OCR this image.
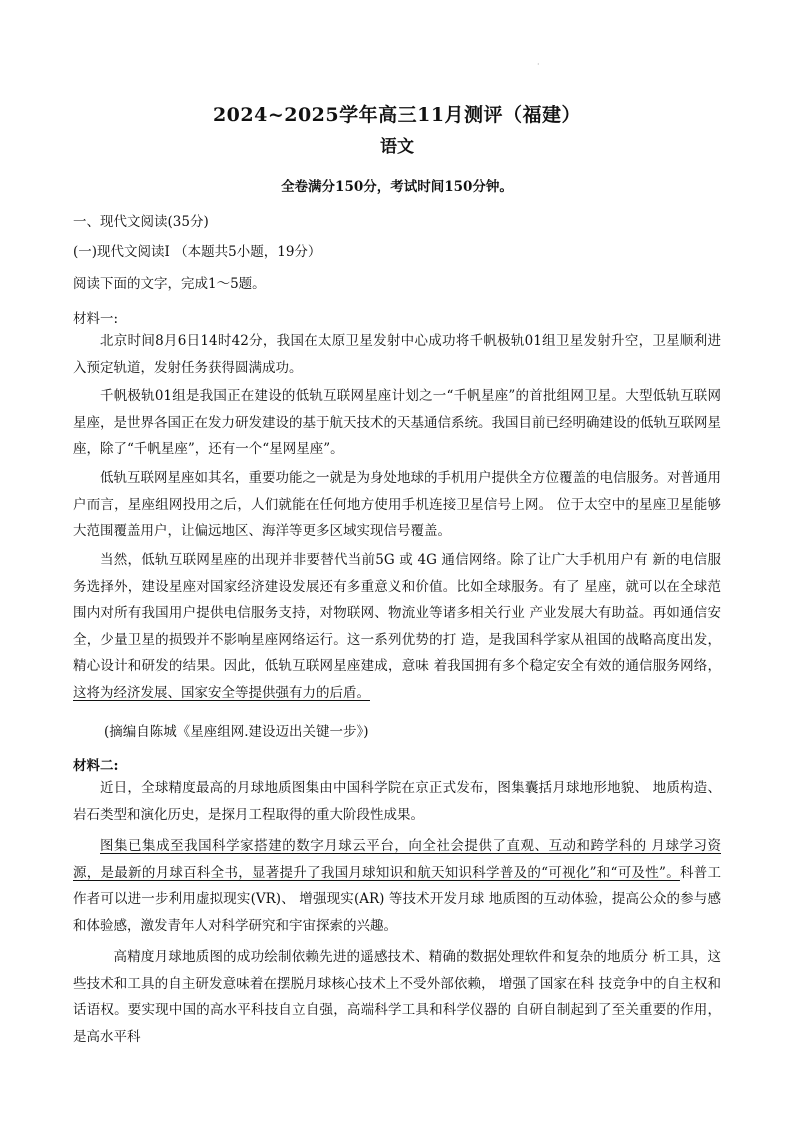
·
2024~2025学年高三11月测评（福建）
语文
全卷满分150分，考试时间150分钟。
一、现代文阅读(35分)
(一)现代文阅读Ⅰ （本题共5小题，19分）
阅读下面的文字，完成1～5题。
材料一:
北京时间8月6日14时42分，我国在太原卫星发射中心成功将千帆极轨01组卫星发射升空，卫星顺利进入预定轨道，发射任务获得圆满成功。
千帆极轨01组是我国正在建设的低轨互联网星座计划之一“千帆星座”的首批组网卫星。大型低轨互联网星座，是世界各国正在发力研发建设的基于航天技术的天基通信系统。我国目前已经明确建设的低轨互联网星座，除了“千帆星座”，还有一个“星网星座”。
低轨互联网星座如其名，重要功能之一就是为身处地球的手机用户提供全方位覆盖的电信服务。对普通用户而言，星座组网投用之后，人们就能在任何地方使用手机连接卫星信号上网。 位于太空中的星座卫星能够大范围覆盖用户，让偏远地区、海洋等更多区域实现信号覆盖。
当然，低轨互联网星座的出现并非要替代当前5G 或 4G 通信网络。除了让广大手机用户有 新的电信服务选择外，建设星座对国家经济建设发展还有多重意义和价值。比如全球服务。有了 星座，就可以在全球范围内对所有我国用户提供电信服务支持，对物联网、物流业等诸多相关行业 产业发展大有助益。再如通信安全，少量卫星的损毁并不影响星座网络运行。这一系列优势的打 造，是我国科学家从祖国的战略高度出发，精心设计和研发的结果。因此，低轨互联网星座建成，意味 着我国拥有多个稳定安全有效的通信服务网络，这将为经济发展、国家安全等提供强有力的后盾。
(摘编自陈城《星座组网.建设迈出关键一步》)
材料二:
近日，全球精度最高的月球地质图集由中国科学院在京正式发布，图集囊括月球地形地貌、 地质构造、岩石类型和演化历史，是探月工程取得的重大阶段性成果。
图集已集成至我国科学家搭建的数字月球云平台，向全社会提供了直观、互动和跨学科的 月球学习资源，是最新的月球百科全书，显著提升了我国月球知识和航天知识科学普及的“可视化”和“可及性”。科普工作者可以进一步利用虚拟现实(VR)、 增强现实(AR) 等技术开发月球 地质图的互动体验，提高公众的参与感和体验感，激发青年人对科学研究和宇宙探索的兴趣。
高精度月球地质图的成功绘制依赖先进的遥感技术、精确的数据处理软件和复杂的地质分 析工具，这些技术和工具的自主研发意味着在摆脱月球核心技术上不受外部依赖， 增强了国家在科 技竞争中的自主权和话语权。要实现中国的高水平科技自立自强，高端科学工具和科学仪器的 自研自制起到了至关重要的作用，是高水平科
